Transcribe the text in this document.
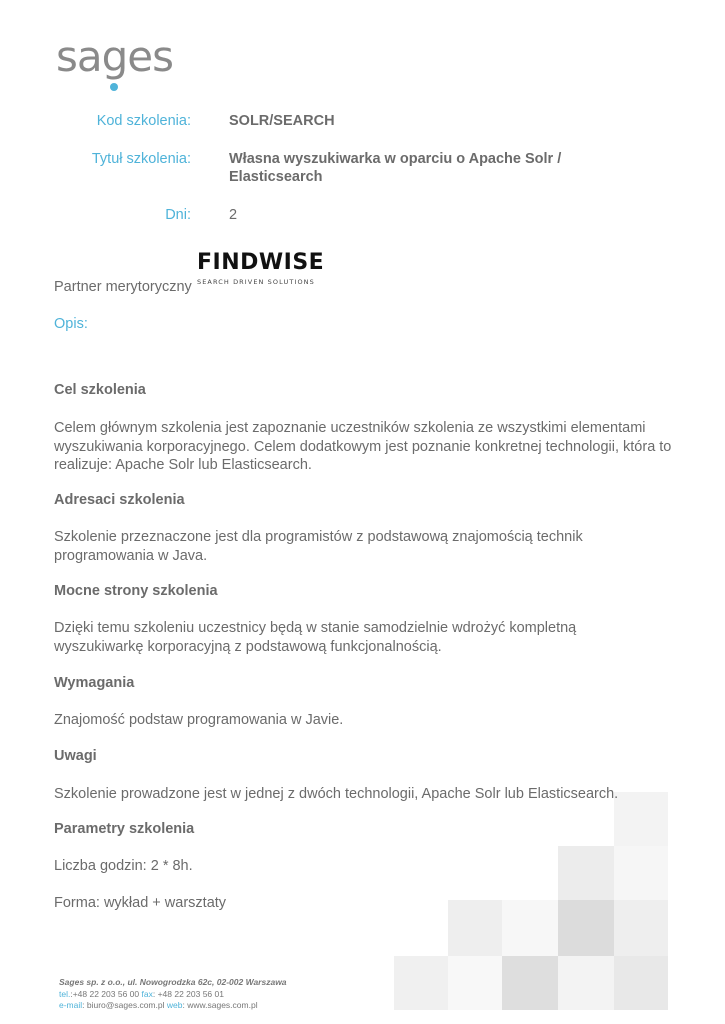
sag
es
Kod szkolenia:	SOLR/SEARCH
Tytuł szkolenia:	Własna wyszukiwarka w oparciu o Apache Solr /
Elasticsearch
Dni:	2
Partner merytoryczny
FINDWISE
SEARCH DRIVEN SOLUTIONS
Opis:
Cel szkolenia
Celem głównym szkolenia jest zapoznanie uczestników szkolenia ze wszystkimi elementami wyszukiwania korporacyjnego. Celem dodatkowym jest poznanie konkretnej technologii, która to realizuje: Apache Solr lub Elasticsearch.
Adresaci szkolenia
Szkolenie przeznaczone jest dla programistów z podstawową znajomością technik programowania w Java.
Mocne strony szkolenia
Dzięki temu szkoleniu uczestnicy będą w stanie samodzielnie wdrożyć kompletną wyszukiwarkę korporacyjną z podstawową funkcjonalnością.
Wymagania
Znajomość podstaw programowania w Javie.
Uwagi
Szkolenie prowadzone jest w jednej z dwóch technologii, Apache Solr lub Elasticsearch.
Parametry szkolenia
Liczba godzin: 2 * 8h.
Forma: wykład + warsztaty
Sages sp. z o.o., ul. Nowogrodzka 62c, 02-002 Warszawa
tel.:+48 22 203 56 00 fax: +48 22 203 56 01
e-mail: biuro@sages.com.pl web: www.sages.com.pl
